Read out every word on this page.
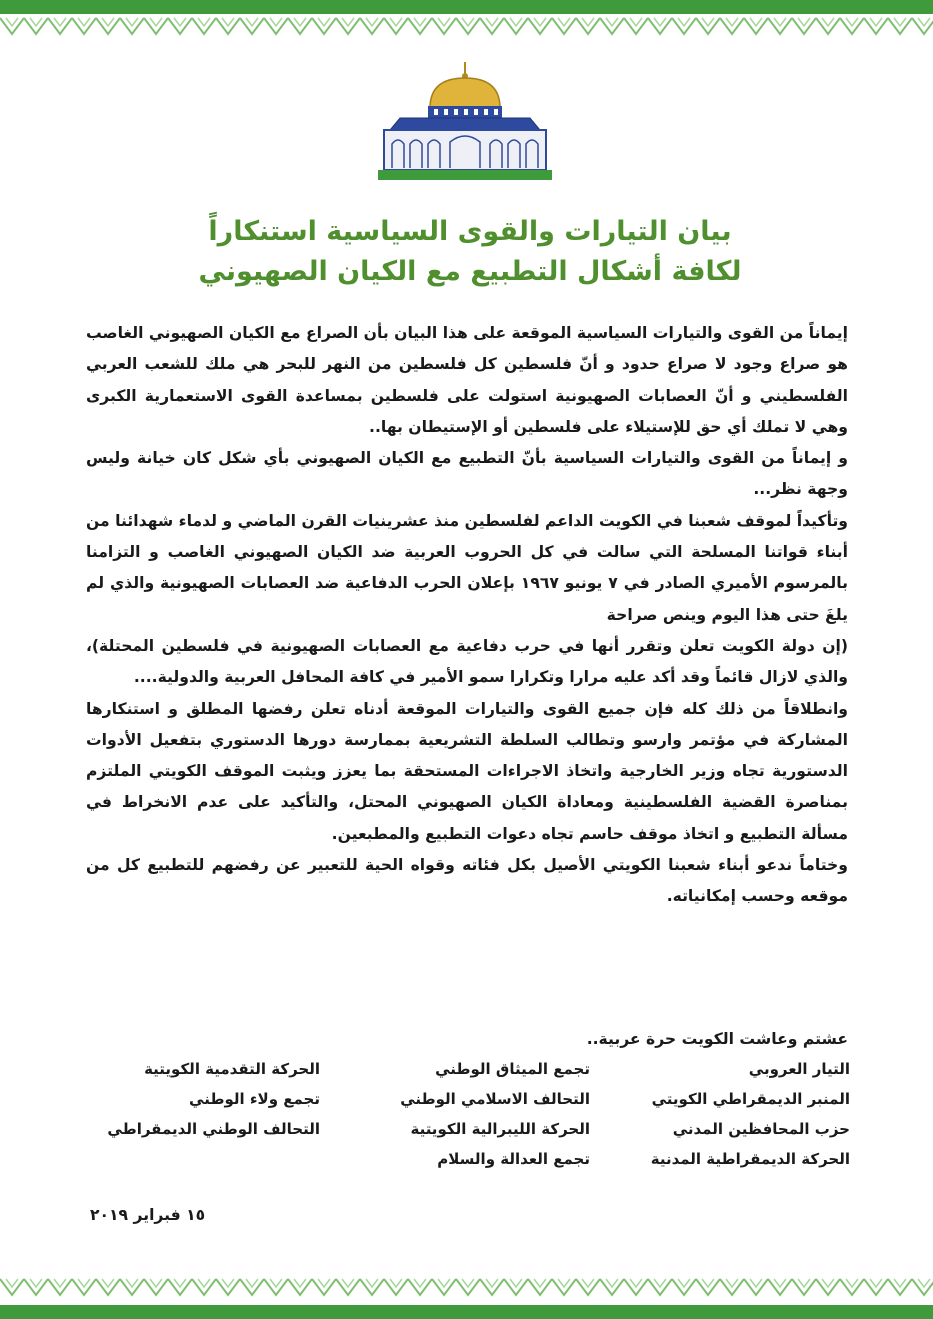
بيان التيارات والقوى السياسية استنكاراً
لكافة أشكال التطبيع مع الكيان الصهيوني

إيماناً من القوى والتيارات السياسية الموقعة على هذا البيان بأن الصراع مع الكيان الصهيوني الغاصب هو صراع وجود لا صراع حدود و أنّ فلسطين كل فلسطين من النهر للبحر هي ملك للشعب العربي الفلسطيني و أنّ العصابات الصهيونية استولت على فلسطين بمساعدة القوى الاستعمارية الكبرى وهي لا تملك أي حق للإستيلاء على فلسطين أو الإستيطان بها..

و إيماناً من القوى والتيارات السياسية بأنّ التطبيع مع الكيان الصهيوني بأي شكل كان خيانة وليس وجهة نظر...

وتأكيداً لموقف شعبنا في الكويت الداعم لفلسطين منذ عشرينيات القرن الماضي و لدماء شهدائنا من أبناء قواتنا المسلحة التي سالت في كل الحروب العربية ضد الكيان الصهيوني الغاصب و التزامنا بالمرسوم الأميري الصادر في ٧ يونيو ١٩٦٧ بإعلان الحرب الدفاعية ضد العصابات الصهيونية والذي لم يلغَ حتى هذا اليوم وينص صراحة

(إن دولة الكويت تعلن وتقرر أنها في حرب دفاعية مع العصابات الصهيونية في فلسطين المحتلة)، والذي لازال قائماً وقد أكد عليه مرارا وتكرارا سمو الأمير في كافة المحافل العربية والدولية....

وانطلاقاً من ذلك كله فإن جميع القوى والتيارات الموقعة أدناه تعلن رفضها المطلق و استنكارها المشاركة في مؤتمر وارسو وتطالب السلطة التشريعية بممارسة دورها الدستوري بتفعيل الأدوات الدستورية تجاه وزير الخارجية واتخاذ الاجراءات المستحقة بما يعزز ويثبت الموقف الكويتي الملتزم بمناصرة القضية الفلسطينية ومعاداة الكيان الصهيوني المحتل، والتأكيد على عدم الانخراط في مسألة التطبيع و اتخاذ موقف حاسم تجاه دعوات التطبيع والمطبعين.

وختاماً ندعو أبناء شعبنا الكويتي الأصيل بكل فئاته وقواه الحية للتعبير عن رفضهم للتطبيع كل من موقعه وحسب إمكانياته.

عشتم وعاشت الكويت حرة عربية..
التيار العروبي
المنبر الديمقراطي الكويتي
حزب المحافظين المدني
الحركة الديمقراطية المدنية
تجمع الميثاق الوطني
التحالف الاسلامي الوطني
الحركة الليبرالية الكويتية
تجمع العدالة والسلام
الحركة التقدمية الكويتية
تجمع ولاء الوطني
التحالف الوطني الديمقراطي
١٥ فبراير ٢٠١٩
